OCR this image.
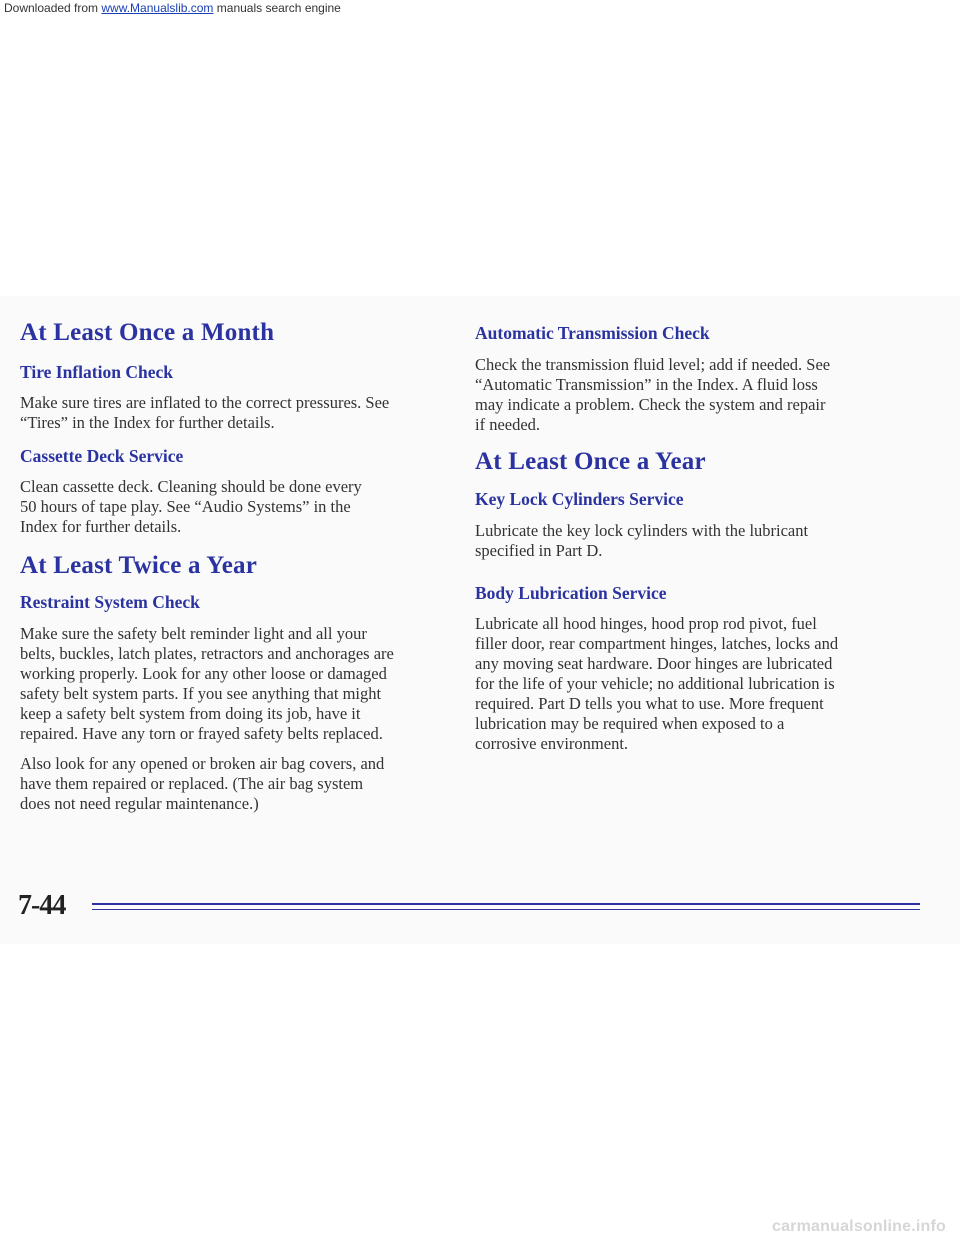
Downloaded from www.Manualslib.com manuals search engine
At Least Once a Month
Tire Inflation Check
Make sure tires are inflated to the correct pressures. See
“Tires” in the Index for further details.
Cassette Deck Service
Clean cassette deck. Cleaning should be done every
50 hours of tape play. See “Audio Systems” in the
Index for further details.
At Least Twice a Year
Restraint System Check
Make sure the safety belt reminder light and all your
belts, buckles, latch plates, retractors and anchorages are
working properly. Look for any other loose or damaged
safety belt system parts. If you see anything that might
keep a safety belt system from doing its job, have it
repaired. Have any torn or frayed safety belts replaced.
Also look for any opened or broken air bag covers, and
have them repaired or replaced. (The air bag system
does not need regular maintenance.)
Automatic Transmission Check
Check the transmission fluid level; add if needed. See
“Automatic Transmission” in the Index. A fluid loss
may indicate a problem. Check the system and repair
if needed.
At Least Once a Year
Key Lock Cylinders Service
Lubricate the key lock cylinders with the lubricant
specified in Part D.
Body Lubrication Service
Lubricate all hood hinges, hood prop rod pivot, fuel
filler door, rear compartment hinges, latches, locks and
any moving seat hardware. Door hinges are lubricated
for the life of your vehicle; no additional lubrication is
required. Part D tells you what to use. More frequent
lubrication may be required when exposed to a
corrosive environment.
7-44
carmanualsonline.info
